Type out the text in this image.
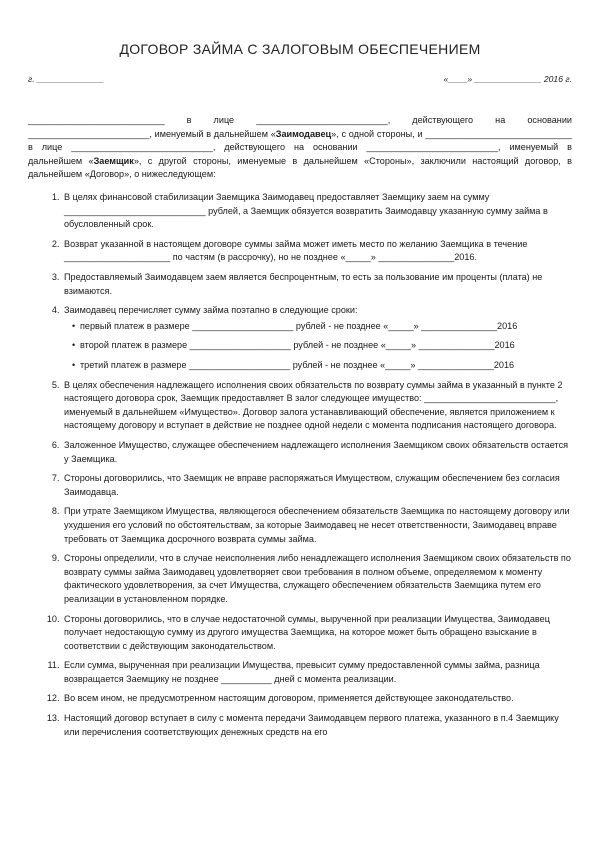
ДОГОВОР ЗАЙМА С ЗАЛОГОВЫМ ОБЕСПЕЧЕНИЕМ
г. ______________	«____» ______________ 2016 г.

___________________________ в лице __________________________, действующего на основании ________________________, именуемый в дальнейшем «Заимодавец», с одной стороны, и _____________________________ в лице ____________________________, действующего на основании __________________________, именуемый в дальнейшем «Заемщик», с другой стороны, именуемые в дальнейшем «Стороны», заключили настоящий договор, в дальнейшем «Договор», о нижеследующем:

1. В целях финансовой стабилизации Заемщика Заимодавец предоставляет Заемщику заем на сумму ____________________________ рублей, а Заемщик обязуется возвратить Заимодавцу указанную сумму займа в обусловленный срок.
2. Возврат указанной в настоящем договоре суммы займа может иметь место по желанию Заемщика в течение _____________________ по частям (в рассрочку), но не позднее «_____» _______________2016.
3. Предоставляемый Заимодавцем заем является беспроцентным, то есть за пользование им проценты (плата) не взимаются.
4. Заимодавец перечисляет сумму займа поэтапно в следующие сроки:
• первый платеж в размере ____________________ рублей - не позднее «_____» _______________2016
• второй платеж в размере ____________________ рублей - не позднее «_____» _______________2016
• третий платеж в размере ____________________ рублей - не позднее «_____» _______________2016
5. В целях обеспечения надлежащего исполнения своих обязательств по возврату суммы займа в указанный в пункте 2 настоящего договора срок, Заемщик предоставляет В залог следующее имущество: __________________________, именуемый в дальнейшем «Имущество». Договор залога устанавливающий обеспечение, является приложением к настоящему договору и вступает в действие не позднее одной недели с момента подписания настоящего договора.
6. Заложенное Имущество, служащее обеспечением надлежащего исполнения Заемщиком своих обязательств остается у Заемщика.
7. Стороны договорились, что Заемщик не вправе распоряжаться Имуществом, служащим обеспечением без согласия Заимодавца.
8. При утрате Заемщиком Имущества, являющегося обеспечением обязательств Заемщика по настоящему договору или ухудшения его условий по обстоятельствам, за которые Заимодавец не несет ответственности, Заимодавец вправе требовать от Заемщика досрочного возврата суммы займа.
9. Стороны определили, что в случае неисполнения либо ненадлежащего исполнения Заемщиком своих обязательств по возврату суммы займа Заимодавец удовлетворяет свои требования в полном объеме, определяемом к моменту фактического удовлетворения, за счет Имущества, служащего обеспечением обязательств Заемщика путем его реализации в установленном порядке.
10. Стороны договорились, что в случае недостаточной суммы, вырученной при реализации Имущества, Заимодавец получает недостающую сумму из другого имущества Заемщика, на которое может быть обращено взыскание в соответствии с действующим законодательством.
11. Если сумма, вырученная при реализации Имущества, превысит сумму предоставленной суммы займа, разница возвращается Заемщику не позднее __________ дней с момента реализации.
12. Во всем ином, не предусмотренном настоящим договором, применяется действующее законодательство.
13. Настоящий договор вступает в силу с момента передачи Заимодавцем первого платежа, указанного в п.4 Заемщику или перечисления соответствующих денежных средств на его
